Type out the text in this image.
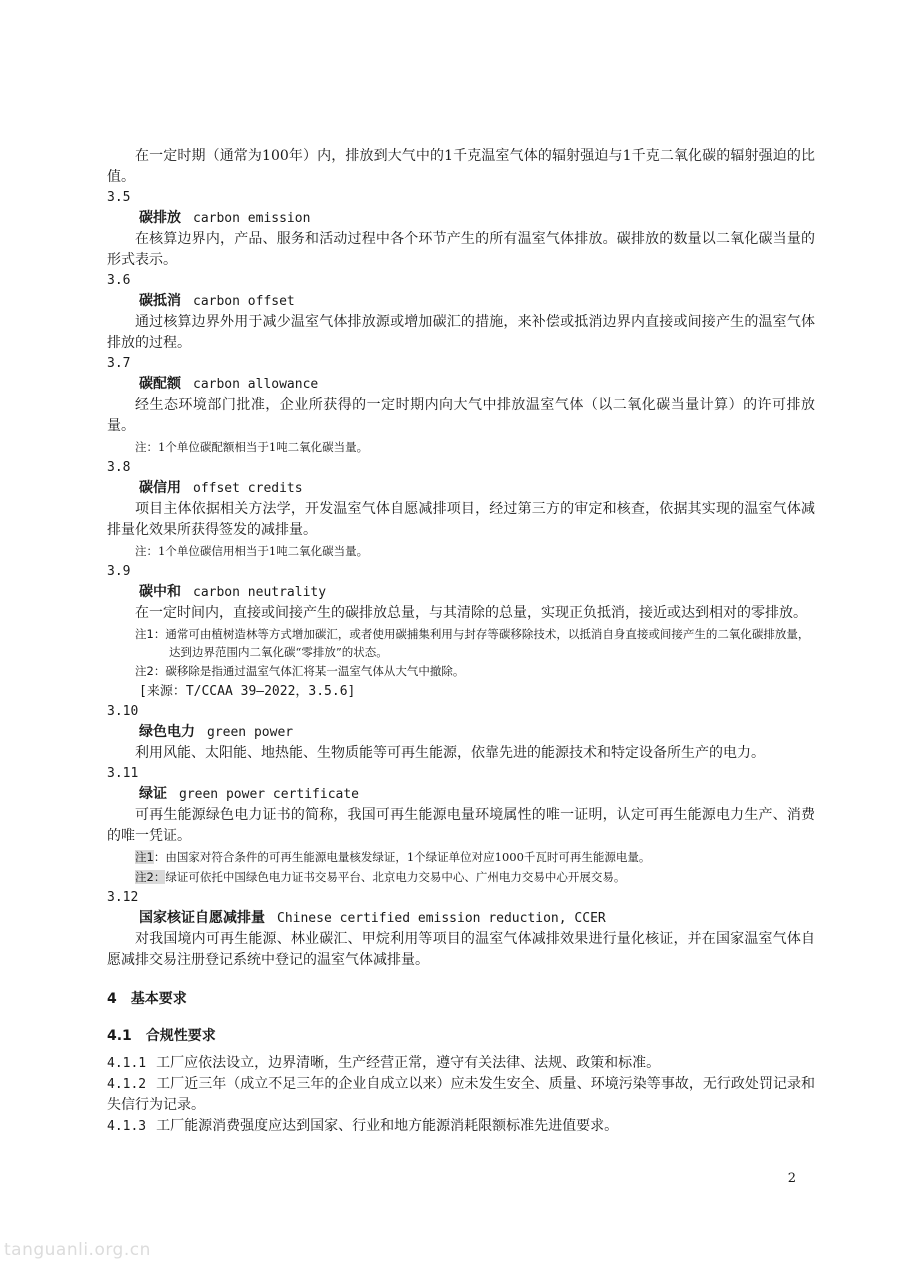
在一定时期（通常为100年）内，排放到大气中的1千克温室气体的辐射强迫与1千克二氧化碳的辐射强迫的比值。

3.5

碳排放 carbon emission

在核算边界内，产品、服务和活动过程中各个环节产生的所有温室气体排放。碳排放的数量以二氧化碳当量的形式表示。

3.6

碳抵消 carbon offset

通过核算边界外用于减少温室气体排放源或增加碳汇的措施，来补偿或抵消边界内直接或间接产生的温室气体排放的过程。

3.7

碳配额 carbon allowance

经生态环境部门批准，企业所获得的一定时期内向大气中排放温室气体（以二氧化碳当量计算）的许可排放量。

注：1个单位碳配额相当于1吨二氧化碳当量。

3.8

碳信用 offset credits

项目主体依据相关方法学，开发温室气体自愿减排项目，经过第三方的审定和核查，依据其实现的温室气体减排量化效果所获得签发的减排量。

注：1个单位碳信用相当于1吨二氧化碳当量。

3.9

碳中和 carbon neutrality

在一定时间内，直接或间接产生的碳排放总量，与其清除的总量，实现正负抵消，接近或达到相对的零排放。

注1：通常可由植树造林等方式增加碳汇，或者使用碳捕集利用与封存等碳移除技术，以抵消自身直接或间接产生的二氧化碳排放量，达到边界范围内二氧化碳“零排放”的状态。

注2：碳移除是指通过温室气体汇将某一温室气体从大气中撤除。

[来源：T/CCAA 39—2022，3.5.6]

3.10

绿色电力 green power

利用风能、太阳能、地热能、生物质能等可再生能源，依靠先进的能源技术和特定设备所生产的电力。

3.11

绿证 green power certificate

可再生能源绿色电力证书的简称，我国可再生能源电量环境属性的唯一证明，认定可再生能源电力生产、消费的唯一凭证。

注1：由国家对符合条件的可再生能源电量核发绿证，1个绿证单位对应1000千瓦时可再生能源电量。

注2：绿证可依托中国绿色电力证书交易平台、北京电力交易中心、广州电力交易中心开展交易。

3.12

国家核证自愿减排量 Chinese certified emission reduction, CCER

对我国境内可再生能源、林业碳汇、甲烷利用等项目的温室气体减排效果进行量化核证，并在国家温室气体自愿减排交易注册登记系统中登记的温室气体减排量。

4　基本要求

4.1　合规性要求

4.1.1 工厂应依法设立，边界清晰，生产经营正常，遵守有关法律、法规、政策和标准。

4.1.2 工厂近三年（成立不足三年的企业自成立以来）应未发生安全、质量、环境污染等事故，无行政处罚记录和失信行为记录。

4.1.3 工厂能源消费强度应达到国家、行业和地方能源消耗限额标准先进值要求。

2
tanguanli.org.cn
